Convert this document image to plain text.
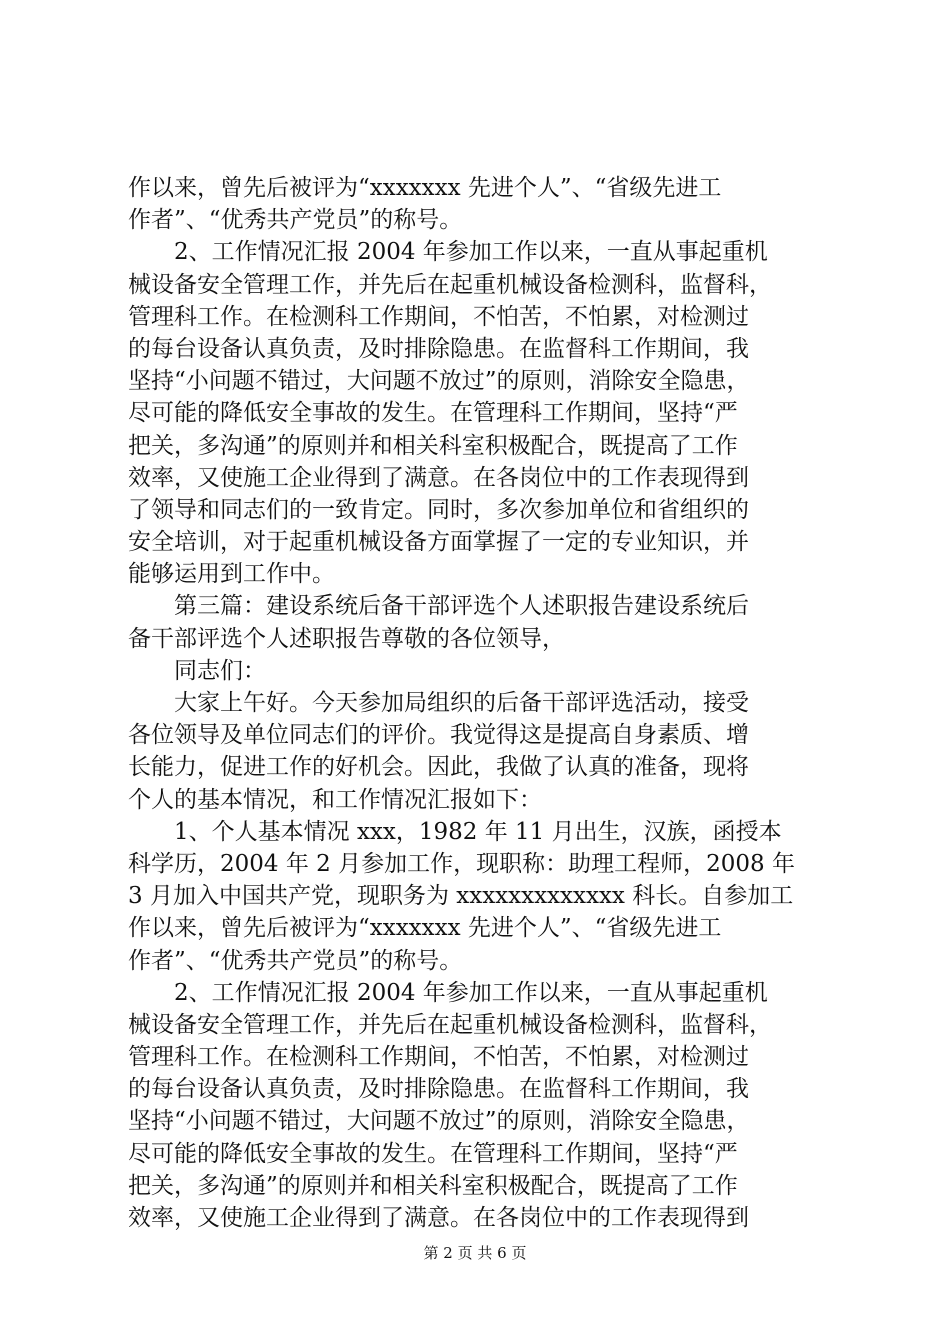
作以来，曾先后被评为“xxxxxxx 先进个人”、“省级先进工
作者”、“优秀共产党员”的称号。
　　2、工作情况汇报 2004 年参加工作以来，一直从事起重机
械设备安全管理工作，并先后在起重机械设备检测科，监督科，
管理科工作。在检测科工作期间，不怕苦，不怕累，对检测过
的每台设备认真负责，及时排除隐患。在监督科工作期间，我
坚持“小问题不错过，大问题不放过”的原则，消除安全隐患，
尽可能的降低安全事故的发生。在管理科工作期间，坚持“严
把关，多沟通”的原则并和相关科室积极配合，既提高了工作
效率，又使施工企业得到了满意。在各岗位中的工作表现得到
了领导和同志们的一致肯定。同时，多次参加单位和省组织的
安全培训，对于起重机械设备方面掌握了一定的专业知识，并
能够运用到工作中。
　　第三篇：建设系统后备干部评选个人述职报告建设系统后
备干部评选个人述职报告尊敬的各位领导，
　　同志们：
　　大家上午好。今天参加局组织的后备干部评选活动，接受
各位领导及单位同志们的评价。我觉得这是提高自身素质、增
长能力，促进工作的好机会。因此，我做了认真的准备，现将
个人的基本情况，和工作情况汇报如下：
　　1、个人基本情况 xxx，1982 年 11 月出生，汉族，函授本
科学历，2004 年 2 月参加工作，现职称：助理工程师，2008 年
3 月加入中国共产党，现职务为 xxxxxxxxxxxxx 科长。自参加工
作以来，曾先后被评为“xxxxxxx 先进个人”、“省级先进工
作者”、“优秀共产党员”的称号。
　　2、工作情况汇报 2004 年参加工作以来，一直从事起重机
械设备安全管理工作，并先后在起重机械设备检测科，监督科，
管理科工作。在检测科工作期间，不怕苦，不怕累，对检测过
的每台设备认真负责，及时排除隐患。在监督科工作期间，我
坚持“小问题不错过，大问题不放过”的原则，消除安全隐患，
尽可能的降低安全事故的发生。在管理科工作期间，坚持“严
把关，多沟通”的原则并和相关科室积极配合，既提高了工作
效率，又使施工企业得到了满意。在各岗位中的工作表现得到
第 2 页 共 6 页
